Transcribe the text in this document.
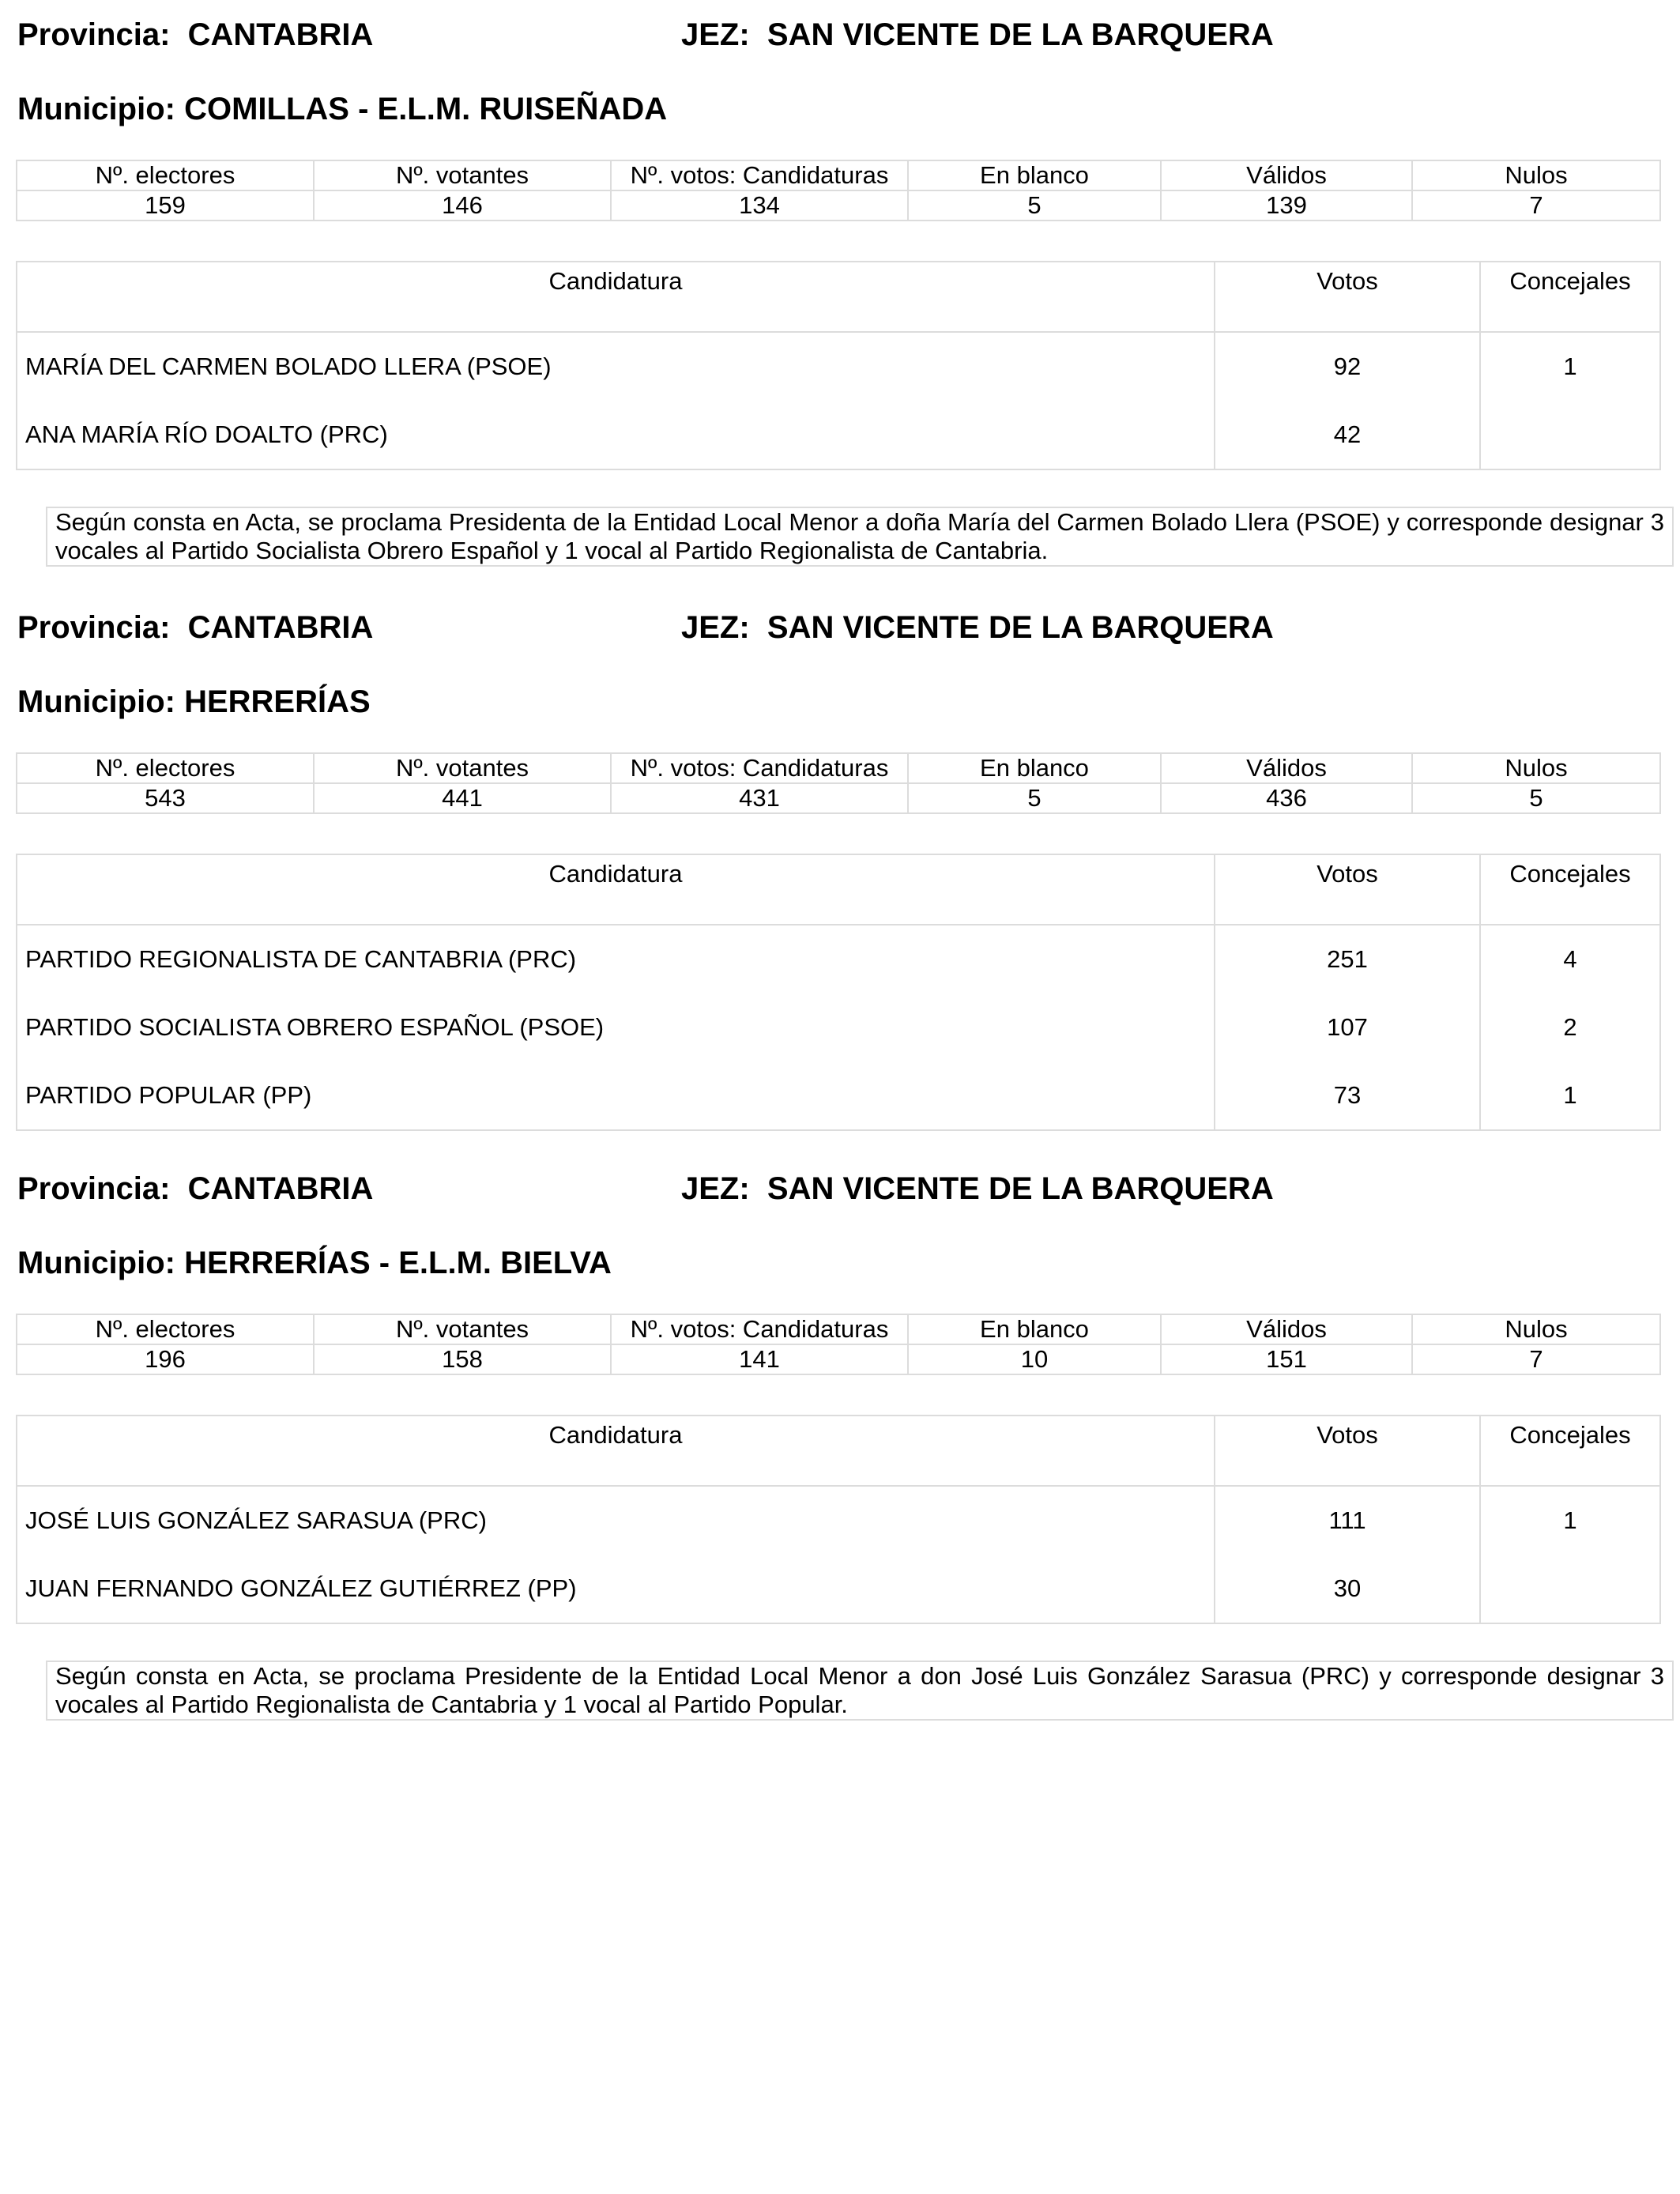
Provincia: CANTABRIA	JEZ: SAN VICENTE DE LA BARQUERA
Municipio: COMILLAS - E.L.M. RUISEÑADA
Nº. electores	Nº. votantes	Nº. votos: Candidaturas	En blanco	Válidos	Nulos
159	146	134	5	139	7
Candidatura	Votos	Concejales
MARÍA DEL CARMEN BOLADO LLERA (PSOE)	92	1
ANA MARÍA RÍO DOALTO (PRC)	42	
Según consta en Acta, se proclama Presidenta de la Entidad Local Menor a doña María del Carmen Bolado Llera (PSOE) y corresponde designar 3 vocales al Partido Socialista Obrero Español y 1 vocal al Partido Regionalista de Cantabria.
Provincia: CANTABRIA	JEZ: SAN VICENTE DE LA BARQUERA
Municipio: HERRERÍAS
Nº. electores	Nº. votantes	Nº. votos: Candidaturas	En blanco	Válidos	Nulos
543	441	431	5	436	5
Candidatura	Votos	Concejales
PARTIDO REGIONALISTA DE CANTABRIA (PRC)	251	4
PARTIDO SOCIALISTA OBRERO ESPAÑOL (PSOE)	107	2
PARTIDO POPULAR (PP)	73	1
Provincia: CANTABRIA	JEZ: SAN VICENTE DE LA BARQUERA
Municipio: HERRERÍAS - E.L.M. BIELVA
Nº. electores	Nº. votantes	Nº. votos: Candidaturas	En blanco	Válidos	Nulos
196	158	141	10	151	7
Candidatura	Votos	Concejales
JOSÉ LUIS GONZÁLEZ SARASUA (PRC)	111	1
JUAN FERNANDO GONZÁLEZ GUTIÉRREZ (PP)	30	
Según consta en Acta, se proclama Presidente de la Entidad Local Menor a don José Luis González Sarasua (PRC) y corresponde designar 3 vocales al Partido Regionalista de Cantabria y 1 vocal al Partido Popular.
